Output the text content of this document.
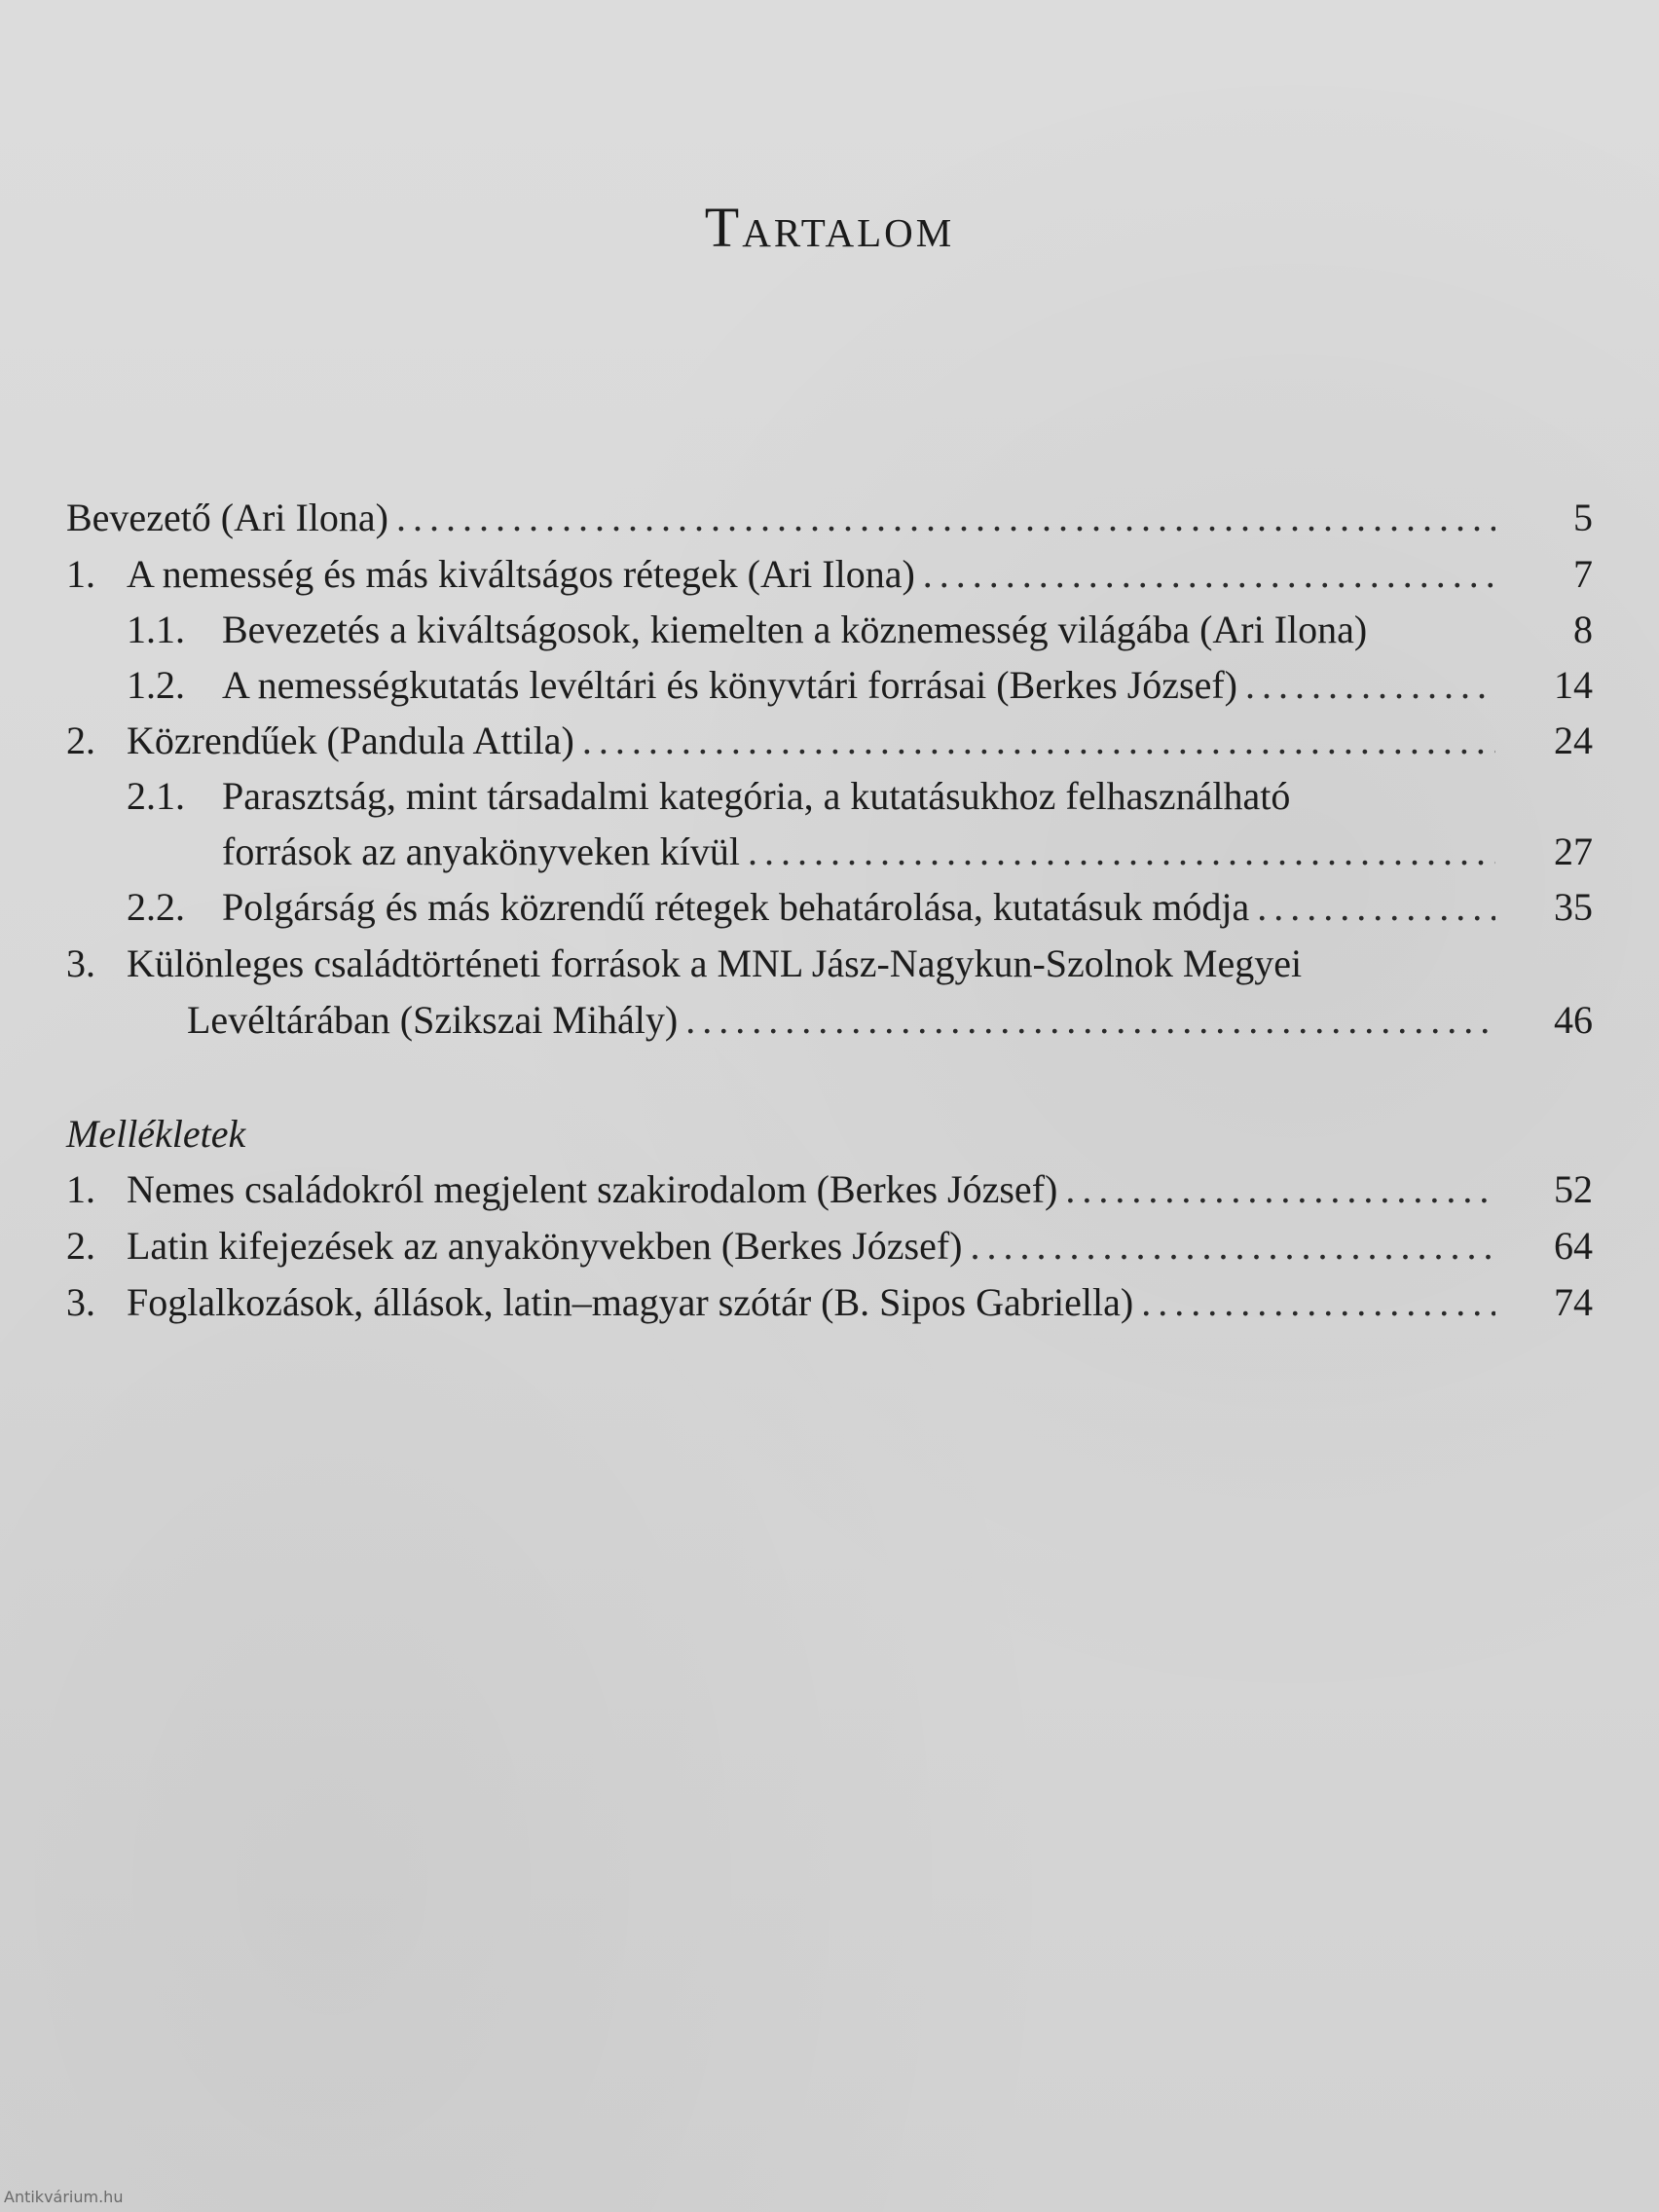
Tartalom
Bevezető (Ari Ilona) .....	5
1. A nemesség és más kiváltságos rétegek (Ari Ilona) .....	7
1.1. Bevezetés a kiváltságosok, kiemelten a köznemesség világába (Ari Ilona)	8
1.2. A nemességkutatás levéltári és könyvtári forrásai (Berkes József) .....	14
2. Közrendűek (Pandula Attila) .....	24
2.1. Parasztság, mint társadalmi kategória, a kutatásukhoz felhasználható
források az anyakönyveken kívül .....	27
2.2. Polgárság és más közrendű rétegek behatárolása, kutatásuk módja .....	35
3. Különleges családtörténeti források a MNL Jász-Nagykun-Szolnok Megyei
Levéltárában (Szikszai Mihály) .....	46
Mellékletek
1. Nemes családokról megjelent szakirodalom (Berkes József) .....	52
2. Latin kifejezések az anyakönyvekben (Berkes József) .....	64
3. Foglalkozások, állások, latin–magyar szótár (B. Sipos Gabriella) .....	74
Antikvárium.hu
